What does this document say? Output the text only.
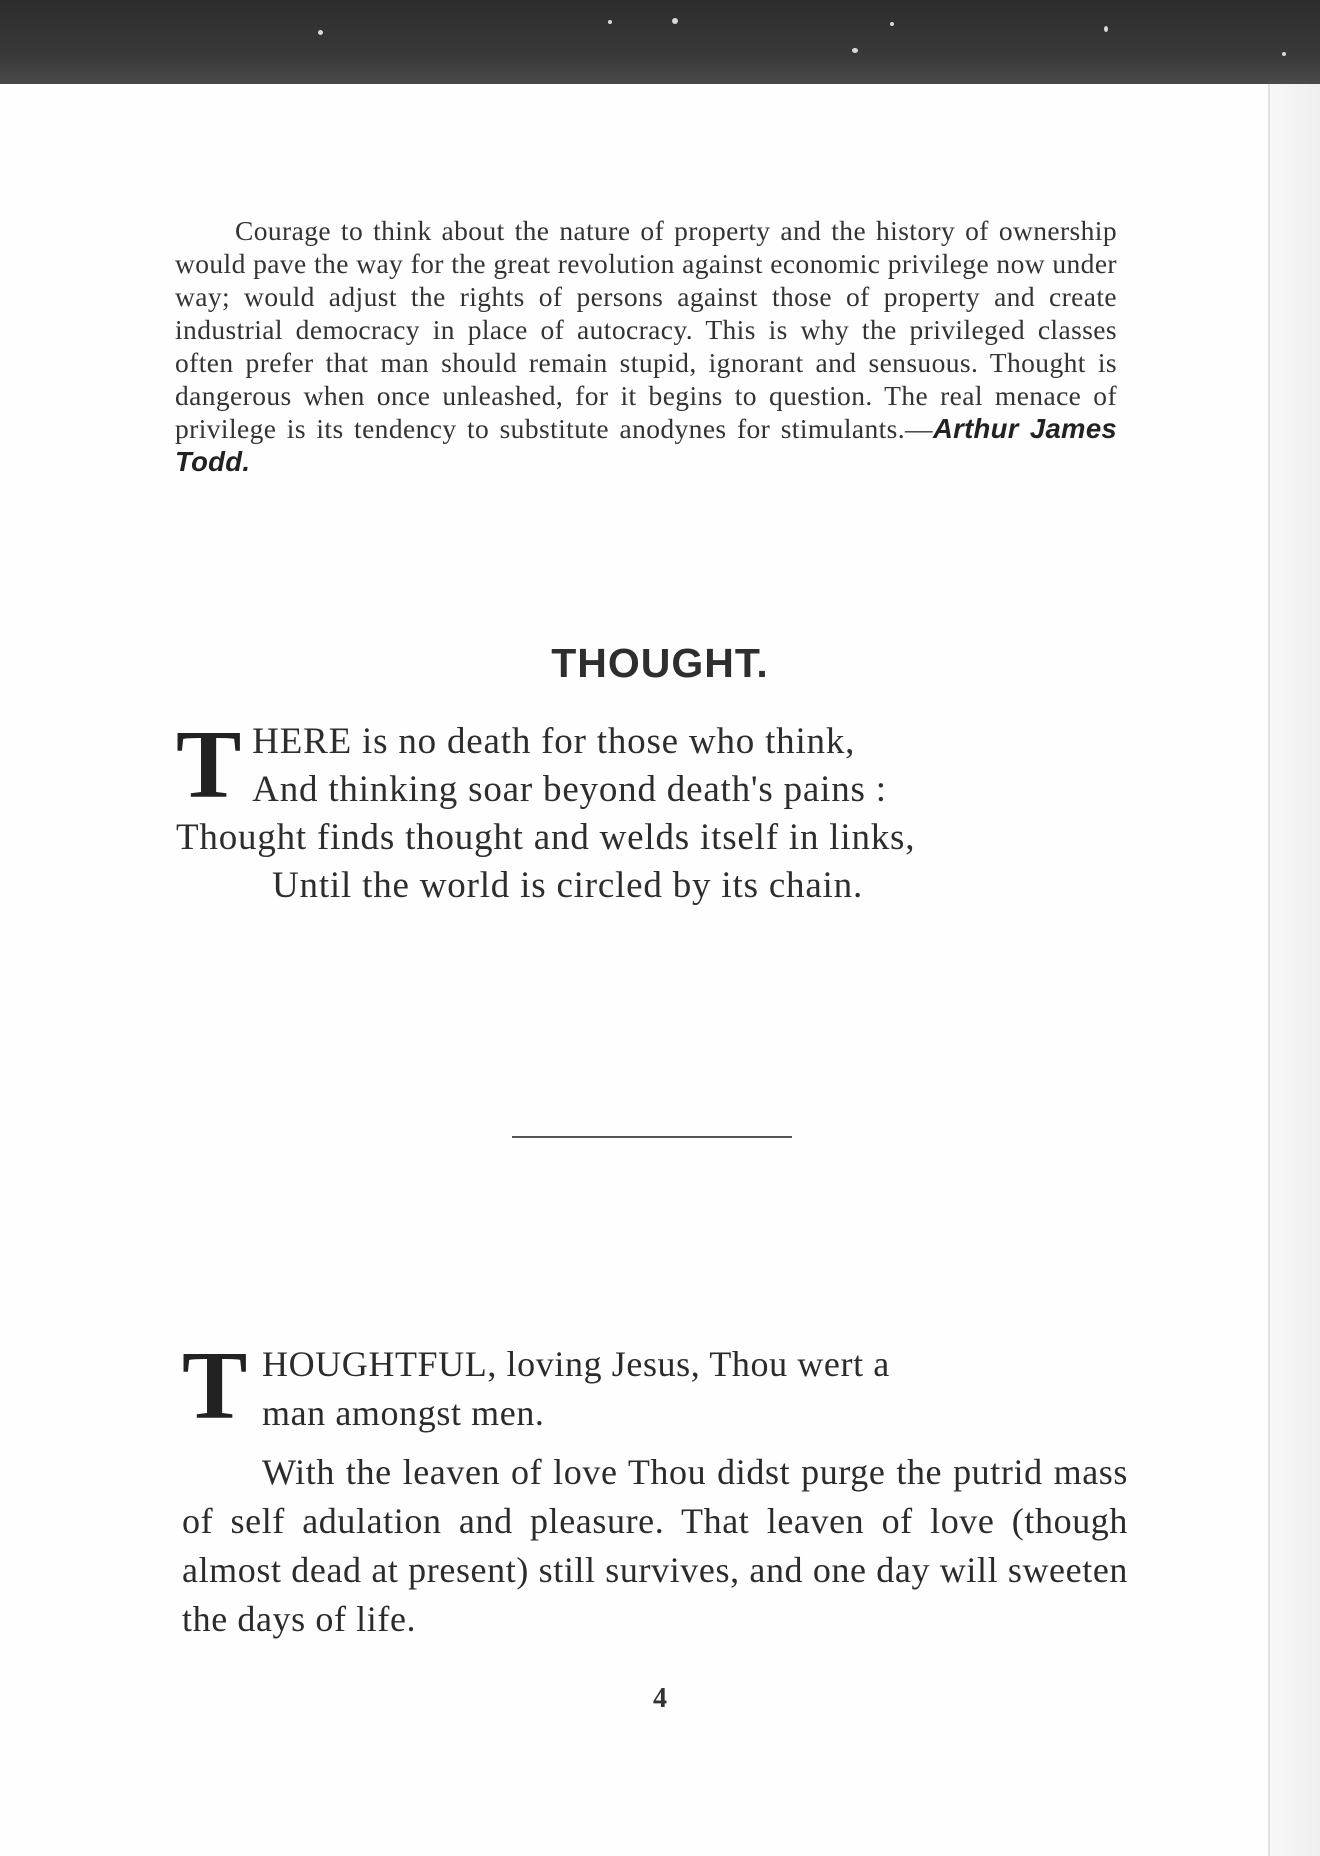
Courage to think about the nature of property and the history of ownership would pave the way for the great revolution against economic privilege now under way; would adjust the rights of persons against those of property and create industrial democracy in place of autocracy. This is why the privileged classes often prefer that man should remain stupid, ignorant and sensuous. Thought is dangerous when once unleashed, for it begins to question. The real menace of privilege is its tendency to substitute anodynes for stimulants.—Arthur James Todd.

THOUGHT.
T HERE is no death for those who think,
And thinking soar beyond death's pains :
Thought finds thought and welds itself in links,
Until the world is circled by its chain.
T HOUGHTFUL, loving Jesus, Thou wert a
man amongst men.

With the leaven of love Thou didst purge the putrid mass of self adulation and pleasure. That leaven of love (though almost dead at present) still survives, and one day will sweeten the days of life.

4
